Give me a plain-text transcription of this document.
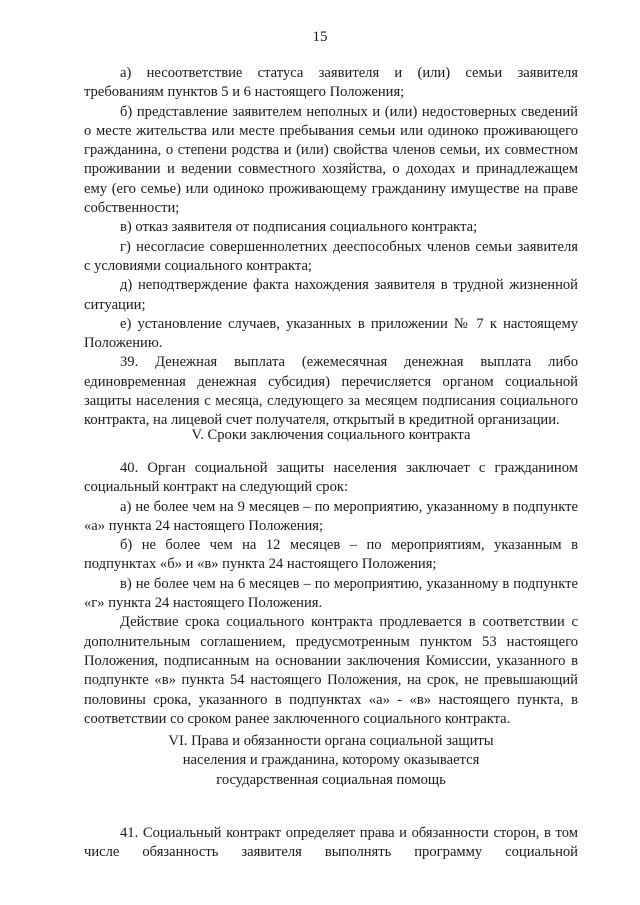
15

а) несоответствие статуса заявителя и (или) семьи заявителя требованиям пунктов 5 и 6 настоящего Положения;

б) представление заявителем неполных и (или) недостоверных сведений о месте жительства или месте пребывания семьи или одиноко проживающего гражданина, о степени родства и (или) свойства членов семьи, их совместном проживании и ведении совместного хозяйства, о доходах и принадлежащем ему (его семье) или одиноко проживающему гражданину имуществе на праве собственности;

в) отказ заявителя от подписания социального контракта;

г) несогласие совершеннолетних дееспособных членов семьи заявителя с условиями социального контракта;

д) неподтверждение факта нахождения заявителя в трудной жизненной ситуации;

е) установление случаев, указанных в приложении № 7 к настоящему Положению.

39. Денежная выплата (ежемесячная денежная выплата либо единовременная денежная субсидия) перечисляется органом социальной защиты населения с месяца, следующего за месяцем подписания социального контракта, на лицевой счет получателя, открытый в кредитной организации.

V. Сроки заключения социального контракта

40. Орган социальной защиты населения заключает с гражданином социальный контракт на следующий срок:

а) не более чем на 9 месяцев – по мероприятию, указанному в подпункте «а» пункта 24 настоящего Положения;

б) не более чем на 12 месяцев – по мероприятиям, указанным в подпунктах «б» и «в» пункта 24 настоящего Положения;

в) не более чем на 6 месяцев – по мероприятию, указанному в подпункте «г» пункта 24 настоящего Положения.

Действие срока социального контракта продлевается в соответствии с дополнительным соглашением, предусмотренным пунктом 53 настоящего Положения, подписанным на основании заключения Комиссии, указанного в подпункте «в» пункта 54 настоящего Положения, на срок, не превышающий половины срока, указанного в подпунктах «а» - «в» настоящего пункта, в соответствии со сроком ранее заключенного социального контракта.

VI. Права и обязанности органа социальной защиты
населения и гражданина, которому оказывается
государственная социальная помощь

41. Социальный контракт определяет права и обязанности сторон, в том числе обязанность заявителя выполнять программу социальной
